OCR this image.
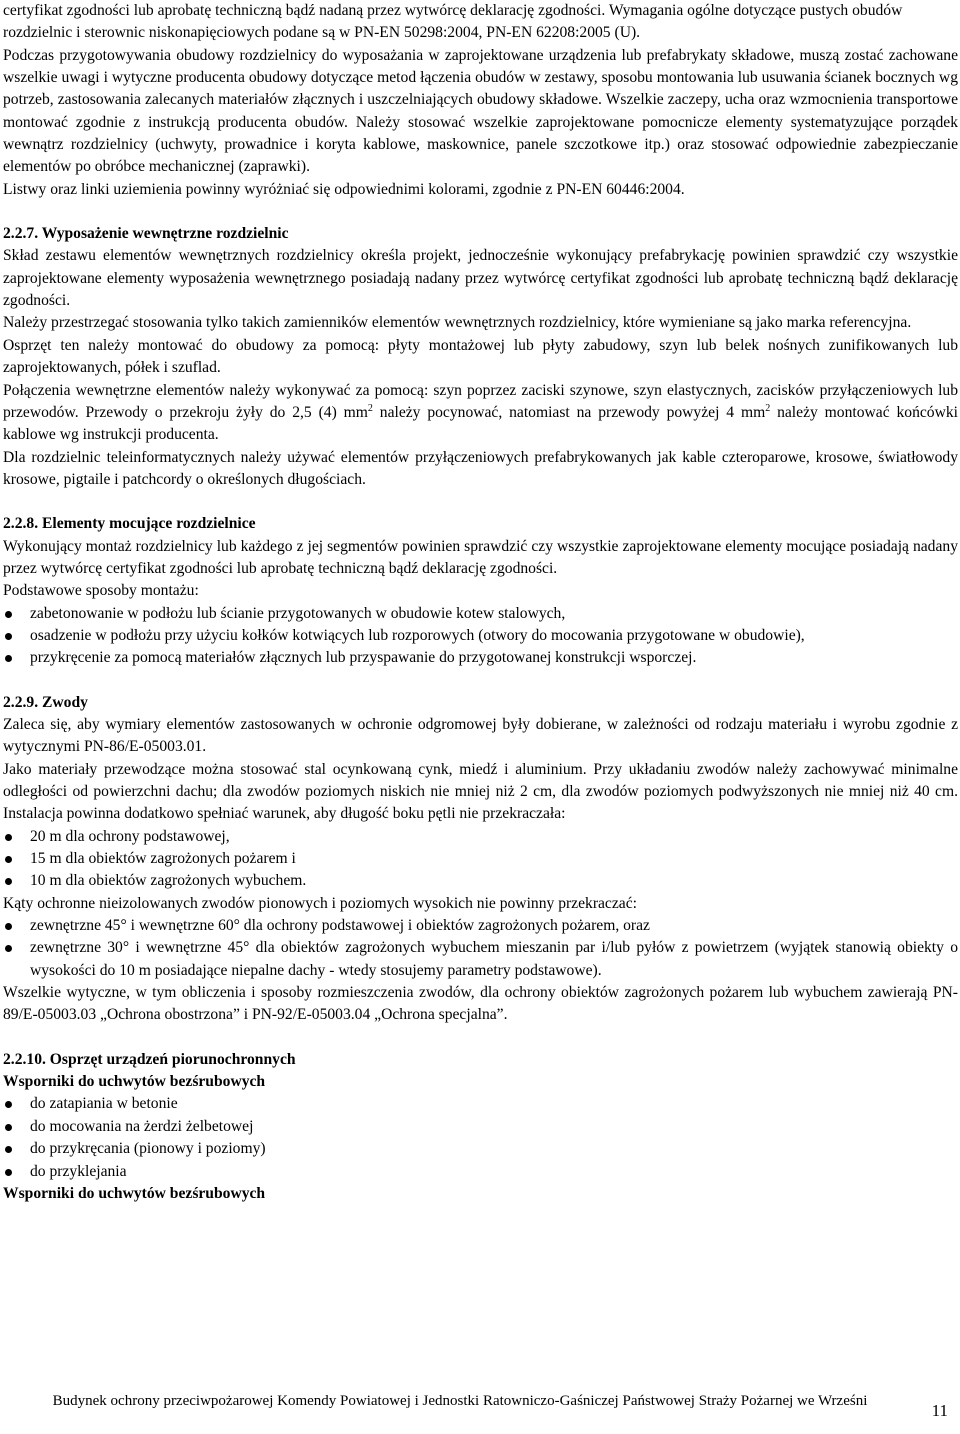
certyfikat zgodności lub aprobatę techniczną bądź nadaną przez wytwórcę deklarację zgodności. Wymagania ogólne dotyczące pustych obudów

rozdzielnic i sterownic niskonapięciowych podane są w PN-EN 50298:2004, PN-EN 62208:2005 (U).

Podczas przygotowywania obudowy rozdzielnicy do wyposażania w zaprojektowane urządzenia lub prefabrykaty składowe, muszą zostać zachowane wszelkie uwagi i wytyczne producenta obudowy dotyczące metod łączenia obudów w zestawy, sposobu montowania lub usuwania ścianek bocznych wg potrzeb, zastosowania zalecanych materiałów złącznych i uszczelniających obudowy składowe. Wszelkie zaczepy, ucha oraz wzmocnienia transportowe montować zgodnie z instrukcją producenta obudów. Należy stosować wszelkie zaprojektowane pomocnicze elementy systematyzujące porządek wewnątrz rozdzielnicy (uchwyty, prowadnice i koryta kablowe, maskownice, panele szczotkowe itp.) oraz stosować odpowiednie zabezpieczanie elementów po obróbce mechanicznej (zaprawki).

Listwy oraz linki uziemienia powinny wyróżniać się odpowiednimi kolorami, zgodnie z PN-EN 60446:2004.

2.2.7. Wyposażenie wewnętrzne rozdzielnic

Skład zestawu elementów wewnętrznych rozdzielnicy określa projekt, jednocześnie wykonujący prefabrykację powinien sprawdzić czy wszystkie zaprojektowane elementy wyposażenia wewnętrznego posiadają nadany przez wytwórcę certyfikat zgodności lub aprobatę techniczną bądź deklarację zgodności.

Należy przestrzegać stosowania tylko takich zamienników elementów wewnętrznych rozdzielnicy, które wymieniane są jako marka referencyjna.

Osprzęt ten należy montować do obudowy za pomocą: płyty montażowej lub płyty zabudowy, szyn lub belek nośnych zunifikowanych lub zaprojektowanych, półek i szuflad.

Połączenia wewnętrzne elementów należy wykonywać za pomocą: szyn poprzez zaciski szynowe, szyn elastycznych, zacisków przyłączeniowych lub przewodów. Przewody o przekroju żyły do 2,5 (4) $mm^2$ należy pocynować, natomiast na przewody powyżej 4 $mm^2$ należy montować końcówki kablowe wg instrukcji producenta.

Dla rozdzielnic teleinformatycznych należy używać elementów przyłączeniowych prefabrykowanych jak kable czteroparowe, krosowe, światłowody krosowe, pigtaile i patchcordy o określonych długościach.

2.2.8. Elementy mocujące rozdzielnice

Wykonujący montaż rozdzielnicy lub każdego z jej segmentów powinien sprawdzić czy wszystkie zaprojektowane elementy mocujące posiadają nadany przez wytwórcę certyfikat zgodności lub aprobatę techniczną bądź deklarację zgodności.

Podstawowe sposoby montażu:

zabetonowanie w podłożu lub ścianie przygotowanych w obudowie kotew stalowych,
osadzenie w podłożu przy użyciu kołków kotwiących lub rozporowych (otwory do mocowania przygotowane w obudowie),
przykręcenie za pomocą materiałów złącznych lub przyspawanie do przygotowanej konstrukcji wsporczej.

2.2.9. Zwody

Zaleca się, aby wymiary elementów zastosowanych w ochronie odgromowej były dobierane, w zależności od rodzaju materiału i wyrobu zgodnie z wytycznymi PN-86/E-05003.01.

Jako materiały przewodzące można stosować stal ocynkowaną cynk, miedź i aluminium. Przy układaniu zwodów należy zachowywać minimalne odległości od powierzchni dachu; dla zwodów poziomych niskich nie mniej niż 2 cm, dla zwodów poziomych podwyższonych nie mniej niż 40 cm. Instalacja powinna dodatkowo spełniać warunek, aby długość boku pętli nie przekraczała:

20 m dla ochrony podstawowej,
15 m dla obiektów zagrożonych pożarem i
10 m dla obiektów zagrożonych wybuchem.

Kąty ochronne nieizolowanych zwodów pionowych i poziomych wysokich nie powinny przekraczać:

zewnętrzne 45° i wewnętrzne 60° dla ochrony podstawowej i obiektów zagrożonych pożarem, oraz
zewnętrzne 30° i wewnętrzne 45° dla obiektów zagrożonych wybuchem mieszanin par i/lub pyłów z powietrzem (wyjątek stanowią obiekty o wysokości do 10 m posiadające niepalne dachy - wtedy stosujemy parametry podstawowe).

Wszelkie wytyczne, w tym obliczenia i sposoby rozmieszczenia zwodów, dla ochrony obiektów zagrożonych pożarem lub wybuchem zawierają PN-89/E-05003.03 „Ochrona obostrzona” i PN-92/E-05003.04 „Ochrona specjalna”.

2.2.10. Osprzęt urządzeń piorunochronnych

Wsporniki do uchwytów bezśrubowych

do zatapiania w betonie
do mocowania na żerdzi żelbetowej
do przykręcania (pionowy i poziomy)
do przyklejania

Wsporniki do uchwytów bezśrubowych

Budynek ochrony przeciwpożarowej Komendy Powiatowej i Jednostki Ratowniczo-Gaśniczej Państwowej Straży Pożarnej we Wrześni	11
